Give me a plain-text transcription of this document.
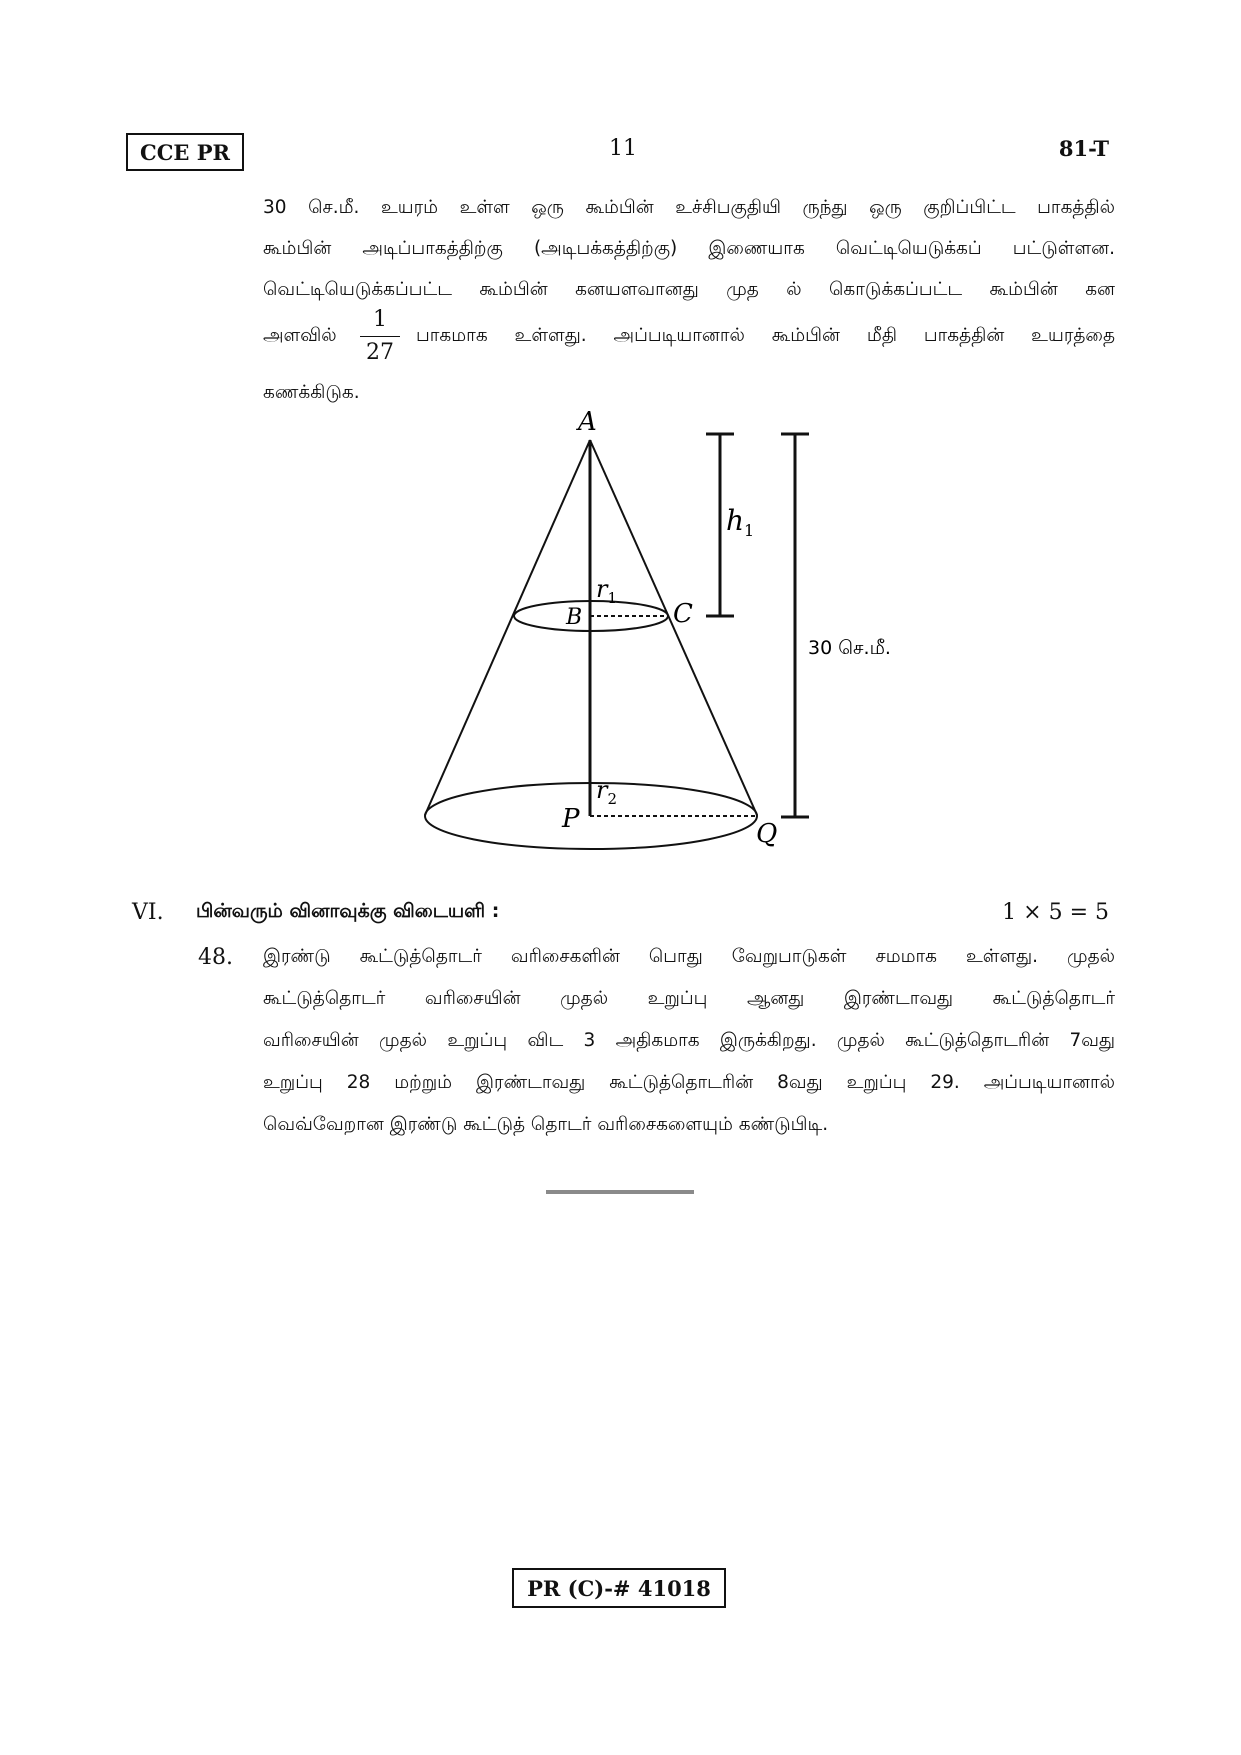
CCE PR	11	81-T
30 செ.மீ. உயரம் உள்ள ஒரு கூம்பின் உச்சிபகுதியி ருந்து ஒரு குறிப்பிட்ட பாகத்தில்
கூம்பின் அடிப்பாகத்திற்கு (அடிபக்கத்திற்கு) இணையாக வெட்டியெடுக்கப் பட்டுள்ளன.
வெட்டியெடுக்கப்பட்ட கூம்பின் கனயளவானது முத ல் கொடுக்கப்பட்ட கூம்பின் கன
அளவில்
1
27
பாகமாக உள்ளது. அப்படியானால் கூம்பின் மீதி பாகத்தின் உயரத்தை
கணக்கிடுக.
A
B	C
P	Q
$r_1$
$r_2$
$h_1$
30 செ.மீ.
VI. பின்வரும் வினாவுக்கு விடையளி :	1 × 5 = 5
48. இரண்டு கூட்டுத்தொடர் வரிசைகளின் பொது வேறுபாடுகள் சமமாக உள்ளது. முதல்
கூட்டுத்தொடர் வரிசையின் முதல் உறுப்பு ஆனது இரண்டாவது கூட்டுத்தொடர்
வரிசையின் முதல் உறுப்பு விட 3 அதிகமாக இருக்கிறது. முதல் கூட்டுத்தொடரின் 7வது
உறுப்பு 28 மற்றும் இரண்டாவது கூட்டுத்தொடரின் 8வது உறுப்பு 29. அப்படியானால்
வெவ்வேறான இரண்டு கூட்டுத் தொடர் வரிசைகளையும் கண்டுபிடி.
PR (C)-# 41018
